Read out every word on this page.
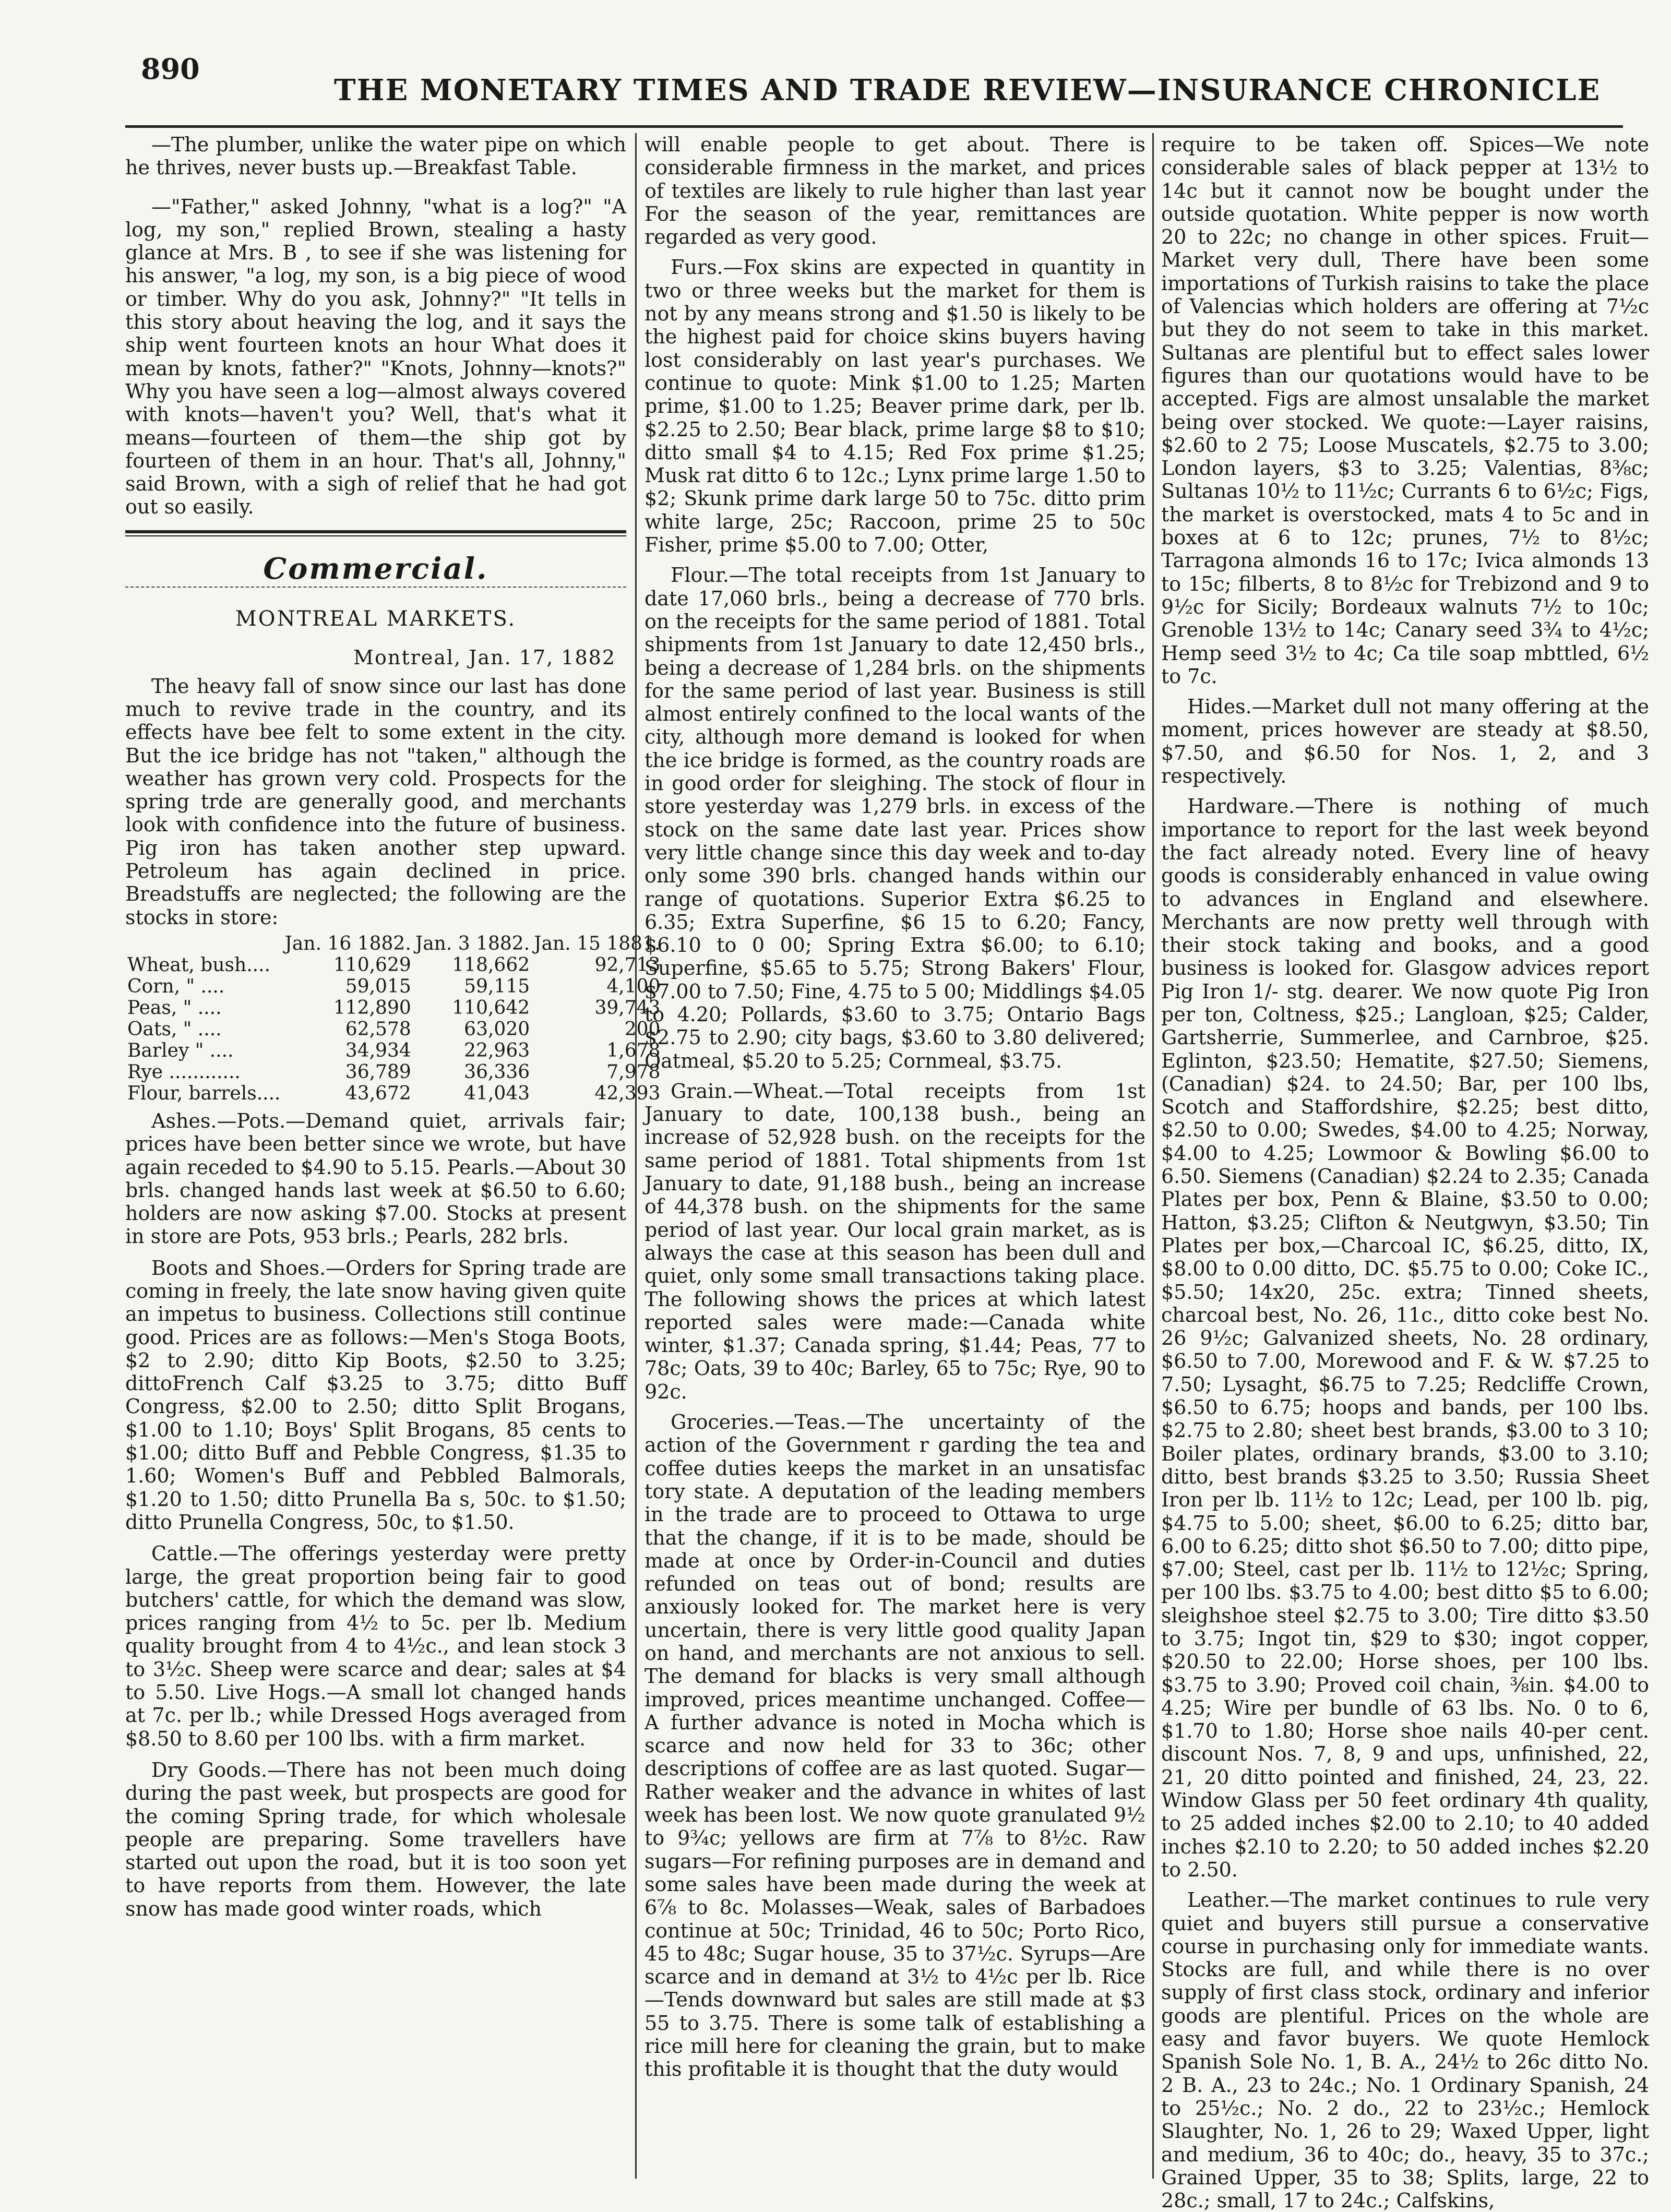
890
THE MONETARY TIMES AND TRADE REVIEW—INSURANCE CHRONICLE

—The plumber, unlike the water pipe on which he thrives, never busts up.—Breakfast Table.

—"Father," asked Johnny, "what is a log?" "A log, my son," replied Brown, stealing a hasty glance at Mrs. B , to see if she was listening for his answer, "a log, my son, is a big piece of wood or timber. Why do you ask, Johnny?" "It tells in this story about heaving the log, and it says the ship went fourteen knots an hour What does it mean by knots, father?" "Knots, Johnny—knots?" Why you have seen a log—almost always covered with knots—haven't you? Well, that's what it means—fourteen of them—the ship got by fourteen of them in an hour. That's all, Johnny," said Brown, with a sigh of relief that he had got out so easily.

Commercial.
MONTREAL MARKETS.
Montreal, Jan. 17, 1882

The heavy fall of snow since our last has done much to revive trade in the country, and its effects have bee felt to some extent in the city. But the ice bridge has not "taken," although the weather has grown very cold. Prospects for the spring trde are generally good, and merchants look with confidence into the future of business. Pig iron has taken another step upward. Petroleum has again declined in price. Breadstuffs are neglected; the following are the stocks in store:

	Jan. 16 1882.	Jan. 3 1882.	Jan. 15 1881.
Wheat, bush....	110,629	118,662	92,713
Corn, " ....	59,015	59,115	4,100
Peas, " ....	112,890	110,642	39,743
Oats, " ....	62,578	63,020	200
Barley " ....	34,934	22,963	1,678
Rye ............	36,789	36,336	7,978
Flour, barrels....	43,672	41,043	42,393

Ashes.—Pots.—Demand quiet, arrivals fair; prices have been better since we wrote, but have again receded to $4.90 to 5.15. Pearls.—About 30 brls. changed hands last week at $6.50 to 6.60; holders are now asking $7.00. Stocks at present in store are Pots, 953 brls.; Pearls, 282 brls.

Boots and Shoes.—Orders for Spring trade are coming in freely, the late snow having given quite an impetus to business. Collections still continue good. Prices are as follows:—Men's Stoga Boots, $2 to 2.90; ditto Kip Boots, $2.50 to 3.25; dittoFrench Calf $3.25 to 3.75; ditto Buff Congress, $2.00 to 2.50; ditto Split Brogans, $1.00 to 1.10; Boys' Split Brogans, 85 cents to $1.00; ditto Buff and Pebble Congress, $1.35 to 1.60; Women's Buff and Pebbled Balmorals, $1.20 to 1.50; ditto Prunella Ba s, 50c. to $1.50; ditto Prunella Congress, 50c, to $1.50.

Cattle.—The offerings yesterday were pretty large, the great proportion being fair to good butchers' cattle, for which the demand was slow, prices ranging from 4½ to 5c. per lb. Medium quality brought from 4 to 4½c., and lean stock 3 to 3½c. Sheep were scarce and dear; sales at $4 to 5.50. Live Hogs.—A small lot changed hands at 7c. per lb.; while Dressed Hogs averaged from $8.50 to 8.60 per 100 lbs. with a firm market.

Dry Goods.—There has not been much doing during the past week, but prospects are good for the coming Spring trade, for which wholesale people are preparing. Some travellers have started out upon the road, but it is too soon yet to have reports from them. However, the late snow has made good winter roads, which

will enable people to get about. There is considerable firmness in the market, and prices of textiles are likely to rule higher than last year For the season of the year, remittances are regarded as very good.

Furs.—Fox skins are expected in quantity in two or three weeks but the market for them is not by any means strong and $1.50 is likely to be the highest paid for choice skins buyers having lost considerably on last year's purchases. We continue to quote: Mink $1.00 to 1.25; Marten prime, $1.00 to 1.25; Beaver prime dark, per lb. $2.25 to 2.50; Bear black, prime large $8 to $10; ditto small $4 to 4.15; Red Fox prime $1.25; Musk rat ditto 6 to 12c.; Lynx prime large 1.50 to $2; Skunk prime dark large 50 to 75c. ditto prim white large, 25c; Raccoon, prime 25 to 50c Fisher, prime $5.00 to 7.00; Otter,

Flour.—The total receipts from 1st January to date 17,060 brls., being a decrease of 770 brls. on the receipts for the same period of 1881. Total shipments from 1st January to date 12,450 brls., being a decrease of 1,284 brls. on the shipments for the same period of last year. Business is still almost entirely confined to the local wants of the city, although more demand is looked for when the ice bridge is formed, as the country roads are in good order for sleighing. The stock of flour in store yesterday was 1,279 brls. in excess of the stock on the same date last year. Prices show very little change since this day week and to-day only some 390 brls. changed hands within our range of quotations. Superior Extra $6.25 to 6.35; Extra Superfine, $6 15 to 6.20; Fancy, $6.10 to 0 00; Spring Extra $6.00; to 6.10; Superfine, $5.65 to 5.75; Strong Bakers' Flour, $7.00 to 7.50; Fine, 4.75 to 5 00; Middlings $4.05 to 4.20; Pollards, $3.60 to 3.75; Ontario Bags $2.75 to 2.90; city bags, $3.60 to 3.80 delivered; Oatmeal, $5.20 to 5.25; Cornmeal, $3.75.

Grain.—Wheat.—Total receipts from 1st January to date, 100,138 bush., being an increase of 52,928 bush. on the receipts for the same period of 1881. Total shipments from 1st January to date, 91,188 bush., being an increase of 44,378 bush. on the shipments for the same period of last year. Our local grain market, as is always the case at this season has been dull and quiet, only some small transactions taking place. The following shows the prices at which latest reported sales were made:—Canada white winter, $1.37; Canada spring, $1.44; Peas, 77 to 78c; Oats, 39 to 40c; Barley, 65 to 75c; Rye, 90 to 92c.

Groceries.—Teas.—The uncertainty of the action of the Government r garding the tea and coffee duties keeps the market in an unsatisfac tory state. A deputation of the leading members in the trade are to proceed to Ottawa to urge that the change, if it is to be made, should be made at once by Order-in-Council and duties refunded on teas out of bond; results are anxiously looked for. The market here is very uncertain, there is very little good quality Japan on hand, and merchants are not anxious to sell. The demand for blacks is very small although improved, prices meantime unchanged. Coffee—A further advance is noted in Mocha which is scarce and now held for 33 to 36c; other descriptions of coffee are as last quoted. Sugar—Rather weaker and the advance in whites of last week has been lost. We now quote granulated 9½ to 9¾c; yellows are firm at 7⅞ to 8½c. Raw sugars—For refining purposes are in demand and some sales have been made during the week at 6⅞ to 8c. Molasses—Weak, sales of Barbadoes continue at 50c; Trinidad, 46 to 50c; Porto Rico, 45 to 48c; Sugar house, 35 to 37½c. Syrups—Are scarce and in demand at 3½ to 4½c per lb. Rice—Tends downward but sales are still made at $3 55 to 3.75. There is some talk of establishing a rice mill here for cleaning the grain, but to make this profitable it is thought that the duty would

require to be taken off. Spices—We note considerable sales of black pepper at 13½ to 14c but it cannot now be bought under the outside quotation. White pepper is now worth 20 to 22c; no change in other spices. Fruit—Market very dull, There have been some importations of Turkish raisins to take the place of Valencias which holders are offering at 7½c but they do not seem to take in this market. Sultanas are plentiful but to effect sales lower figures than our quotations would have to be accepted. Figs are almost unsalable the market being over stocked. We quote:—Layer raisins, $2.60 to 2 75; Loose Muscatels, $2.75 to 3.00; London layers, $3 to 3.25; Valentias, 8⅜c; Sultanas 10½ to 11½c; Currants 6 to 6½c; Figs, the market is overstocked, mats 4 to 5c and in boxes at 6 to 12c; prunes, 7½ to 8½c; Tarragona almonds 16 to 17c; Ivica almonds 13 to 15c; filberts, 8 to 8½c for Trebizond and 9 to 9½c for Sicily; Bordeaux walnuts 7½ to 10c; Grenoble 13½ to 14c; Canary seed 3¾ to 4½c; Hemp seed 3½ to 4c; Ca tile soap mbttled, 6½ to 7c.

Hides.—Market dull not many offering at the moment, prices however are steady at $8.50, $7.50, and $6.50 for Nos. 1, 2, and 3 respectively.

Hardware.—There is nothing of much importance to report for the last week beyond the fact already noted. Every line of heavy goods is considerably enhanced in value owing to advances in England and elsewhere. Merchants are now pretty well through with their stock taking and books, and a good business is looked for. Glasgow advices report Pig Iron 1/- stg. dearer. We now quote Pig Iron per ton, Coltness, $25.; Langloan, $25; Calder, Gartsherrie, Summerlee, and Carnbroe, $25. Eglinton, $23.50; Hematite, $27.50; Siemens, (Canadian) $24. to 24.50; Bar, per 100 lbs, Scotch and Staffordshire, $2.25; best ditto, $2.50 to 0.00; Swedes, $4.00 to 4.25; Norway, $4.00 to 4.25; Lowmoor & Bowling $6.00 to 6.50. Siemens (Canadian) $2.24 to 2.35; Canada Plates per box, Penn & Blaine, $3.50 to 0.00; Hatton, $3.25; Clifton & Neutgwyn, $3.50; Tin Plates per box,—Charcoal IC, $6.25, ditto, IX, $8.00 to 0.00 ditto, DC. $5.75 to 0.00; Coke IC., $5.50; 14x20, 25c. extra; Tinned sheets, charcoal best, No. 26, 11c., ditto coke best No. 26 9½c; Galvanized sheets, No. 28 ordinary, $6.50 to 7.00, Morewood and F. & W. $7.25 to 7.50; Lysaght, $6.75 to 7.25; Redcliffe Crown, $6.50 to 6.75; hoops and bands, per 100 lbs. $2.75 to 2.80; sheet best brands, $3.00 to 3 10; Boiler plates, ordinary brands, $3.00 to 3.10; ditto, best brands $3.25 to 3.50; Russia Sheet Iron per lb. 11½ to 12c; Lead, per 100 lb. pig, $4.75 to 5.00; sheet, $6.00 to 6.25; ditto bar, 6.00 to 6.25; ditto shot $6.50 to 7.00; ditto pipe, $7.00; Steel, cast per lb. 11½ to 12½c; Spring, per 100 lbs. $3.75 to 4.00; best ditto $5 to 6.00; sleighshoe steel $2.75 to 3.00; Tire ditto $3.50 to 3.75; Ingot tin, $29 to $30; ingot copper, $20.50 to 22.00; Horse shoes, per 100 lbs. $3.75 to 3.90; Proved coil chain, ⅜in. $4.00 to 4.25; Wire per bundle of 63 lbs. No. 0 to 6, $1.70 to 1.80; Horse shoe nails 40-per cent. discount Nos. 7, 8, 9 and ups, unfinished, 22, 21, 20 ditto pointed and finished, 24, 23, 22. Window Glass per 50 feet ordinary 4th quality, to 25 added inches $2.00 to 2.10; to 40 added inches $2.10 to 2.20; to 50 added inches $2.20 to 2.50.

Leather.—The market continues to rule very quiet and buyers still pursue a conservative course in purchasing only for immediate wants. Stocks are full, and while there is no over supply of first class stock, ordinary and inferior goods are plentiful. Prices on the whole are easy and favor buyers. We quote Hemlock Spanish Sole No. 1, B. A., 24½ to 26c ditto No. 2 B. A., 23 to 24c.; No. 1 Ordinary Spanish, 24 to 25½c.; No. 2 do., 22 to 23½c.; Hemlock Slaughter, No. 1, 26 to 29; Waxed Upper, light and medium, 36 to 40c; do., heavy, 35 to 37c.; Grained Upper, 35 to 38; Splits, large, 22 to 28c.; small, 17 to 24c.; Calfskins,
